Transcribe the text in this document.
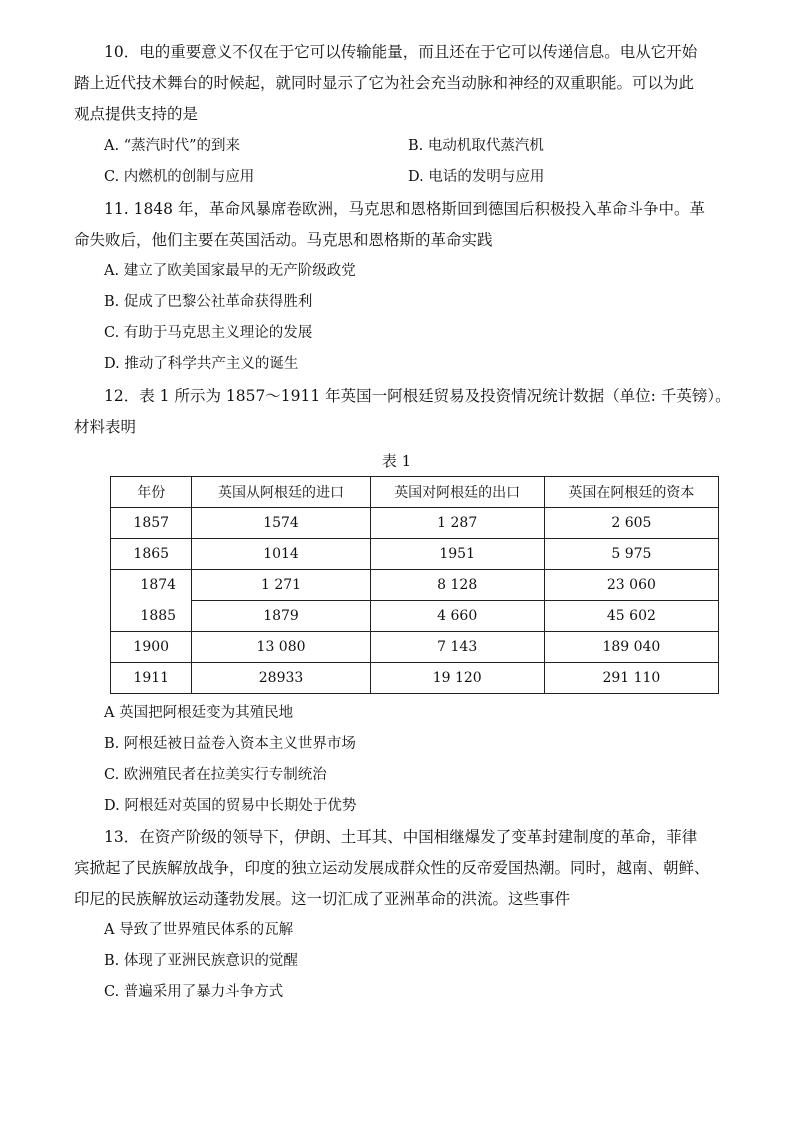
10．电的重要意义不仅在于它可以传输能量，而且还在于它可以传递信息。电从它开始
踏上近代技术舞台的时候起，就同时显示了它为社会充当动脉和神经的双重职能。可以为此
观点提供支持的是
A. “蒸汽时代”的到来	B. 电动机取代蒸汽机
C. 内燃机的创制与应用	D. 电话的发明与应用
11. 1848 年，革命风暴席卷欧洲，马克思和恩格斯回到德国后积极投入革命斗争中。革
命失败后，他们主要在英国活动。马克思和恩格斯的革命实践
A. 建立了欧美国家最早的无产阶级政党
B. 促成了巴黎公社革命获得胜利
C. 有助于马克思主义理论的发展
D. 推动了科学共产主义的诞生
12．表 1 所示为 1857～1911 年英国一阿根廷贸易及投资情况统计数据（单位: 千英镑）。
材料表明
表 1
年份	英国从阿根廷的进口	英国对阿根廷的出口	英国在阿根廷的资本
1857	1574	1 287	2 605
1865	1014	1951	5 975
1874	1 271	8 128	23 060
1885	1879	4 660	45 602
1900	13 080	7 143	189 040
1911	28933	19 120	291 110
A 英国把阿根廷变为其殖民地
B. 阿根廷被日益卷入资本主义世界市场
C. 欧洲殖民者在拉美实行专制统治
D. 阿根廷对英国的贸易中长期处于优势
13．在资产阶级的领导下，伊朗、土耳其、中国相继爆发了变革封建制度的革命，菲律
宾掀起了民族解放战争，印度的独立运动发展成群众性的反帝爱国热潮。同时，越南、朝鲜、
印尼的民族解放运动蓬勃发展。这一切汇成了亚洲革命的洪流。这些事件
A 导致了世界殖民体系的瓦解
B. 体现了亚洲民族意识的觉醒
C. 普遍采用了暴力斗争方式
